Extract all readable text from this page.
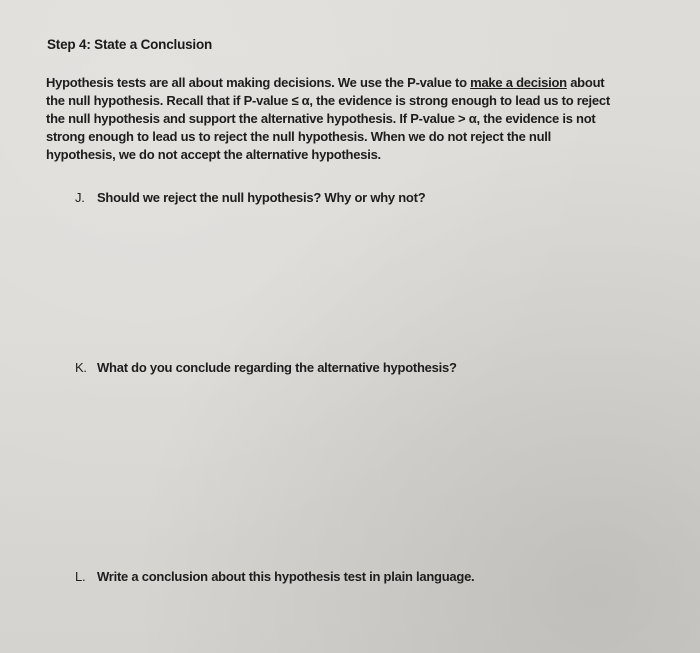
Step 4: State a Conclusion
Hypothesis tests are all about making decisions. We use the P-value to make a decision about
the null hypothesis. Recall that if P-value ≤ α, the evidence is strong enough to lead us to reject
the null hypothesis and support the alternative hypothesis. If P-value > α, the evidence is not
strong enough to lead us to reject the null hypothesis. When we do not reject the null
hypothesis, we do not accept the alternative hypothesis.
J. Should we reject the null hypothesis? Why or why not?
K. What do you conclude regarding the alternative hypothesis?
L. Write a conclusion about this hypothesis test in plain language.
